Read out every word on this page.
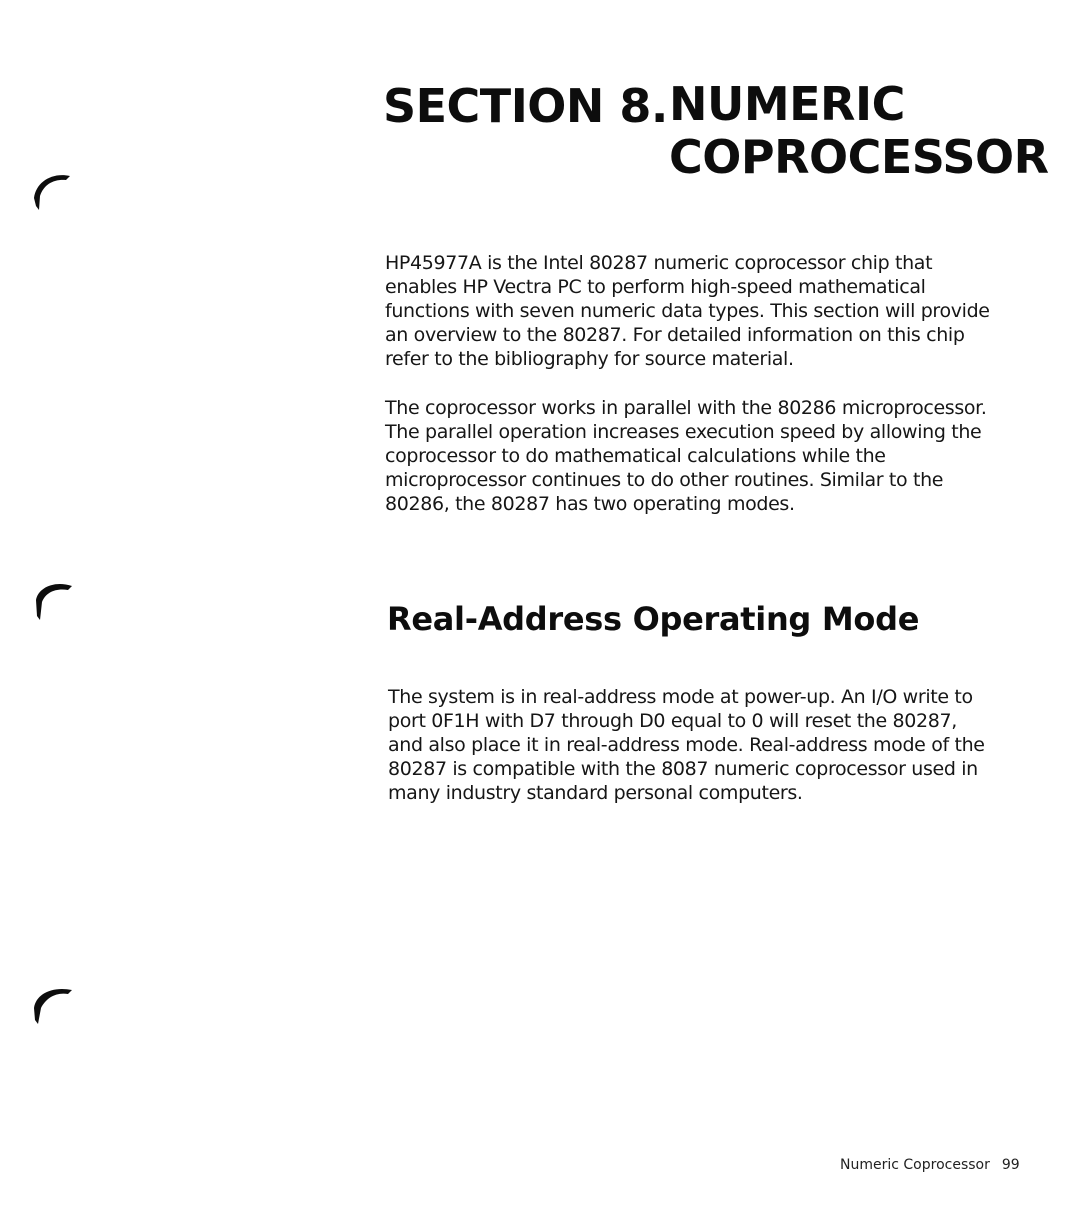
SECTION 8. NUMERIC
COPROCESSOR

HP45977A is the Intel 80287 numeric coprocessor chip that
enables HP Vectra PC to perform high-speed mathematical
functions with seven numeric data types. This section will provide
an overview to the 80287. For detailed information on this chip
refer to the bibliography for source material.

The coprocessor works in parallel with the 80286 microprocessor.
The parallel operation increases execution speed by allowing the
coprocessor to do mathematical calculations while the
microprocessor continues to do other routines. Similar to the
80286, the 80287 has two operating modes.

Real-Address Operating Mode

The system is in real-address mode at power-up. An I/O write to
port 0F1H with D7 through D0 equal to 0 will reset the 80287,
and also place it in real-address mode. Real-address mode of the
80287 is compatible with the 8087 numeric coprocessor used in
many industry standard personal computers.

Numeric Coprocessor 99
